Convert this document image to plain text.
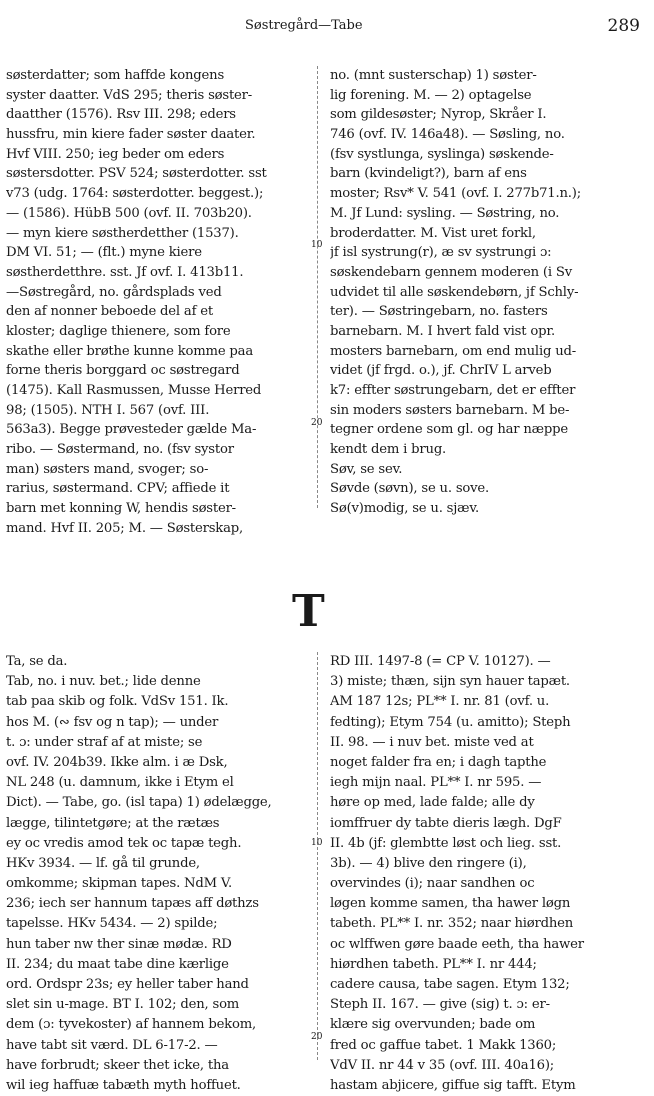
Søstregård—Tabe	289
søsterdatter; som haffde kongens
syster daatter. VdS 295; theris søster-
daatther (1576). Rsv III. 298; eders
hussfru, min kiere fader søster daater.
Hvf VIII. 250; ieg beder om eders
søstersdotter. PSV 524; søsterdotter. sst
v73 (udg. 1764: søsterdotter. beggest.);
— (1586). HübB 500 (ovf. II. 703b20).
— myn kiere søstherdetther (1537).
DM VI. 51; — (flt.) myne kiere
søstherdetthre. sst. Jf ovf. I. 413b11.
—Søstregård, no. gårdsplads ved
den af nonner beboede del af et
kloster; daglige thienere, som fore
skathe eller brøthe kunne komme paa
forne theris borggard oc søstregard
(1475). Kall Rasmussen, Musse Herred
98; (1505). NTH I. 567 (ovf. III.
563a3). Begge prøvesteder gælde Ma-
ribo. — Søstermand, no. (fsv systor
man) søsters mand, svoger; so-
rarius, søstermand. CPV; affiede it
barn met konning W, hendis søster-
mand. Hvf II. 205; M. — Søsterskap,
no. (mnt susterschap) 1) søster-
lig forening. M. — 2) optagelse
som gildesøster; Nyrop, Skråer I.
746 (ovf. IV. 146a48). — Søsling, no.
(fsv systlunga, syslinga) søskende-
barn (kvindeligt?), barn af ens
moster; Rsv* V. 541 (ovf. I. 277b71.n.);
M. Jf Lund: sysling. — Søstring, no.
broderdatter. M. Vist uret forkl,
jf isl systrung(r), æ sv systrungi ɔ:
søskendebarn gennem moderen (i Sv
udvidet til alle søskendebørn, jf Schly-
ter). — Søstringebarn, no. fasters
barnebarn. M. I hvert fald vist opr.
mosters barnebarn, om end mulig ud-
videt (jf frgd. o.), jf. ChrIV L arveb
k7: effter søstrungebarn, det er effter
sin moders søsters barnebarn. M be-
tegner ordene som gl. og har næppe
kendt dem i brug.
Søv, se sev.
Søvde (søvn), se u. sove.
Sø(v)modig, se u. sjæv.
10
20
T
Ta, se da.
Tab, no. i nuv. bet.; lide denne
tab paa skib og folk. VdSv 151. Ik.
hos M. (∾ fsv og n tap); — under
t. ɔ: under straf af at miste; se
ovf. IV. 204b39. Ikke alm. i æ Dsk,
NL 248 (u. damnum, ikke i Etym el
Dict). — Tabe, go. (isl tapa) 1) ødelægge,
lægge, tilintetgøre; at the rætæs
ey oc vredis amod tek oc tapæ tegh.
HKv 3934. — lf. gå til grunde,
omkomme; skipman tapes. NdM V.
236; iech ser hannum tapæs aff døthzs
tapelsse. HKv 5434. — 2) spilde;
hun taber nw ther sinæ mødæ. RD
II. 234; du maat tabe dine kærlige
ord. Ordspr 23s; ey heller taber hand
slet sin u-mage. BT I. 102; den, som
dem (ɔ: tyvekoster) af hannem bekom,
have tabt sit værd. DL 6-17-2. —
have forbrudt; skeer thet icke, tha
wil ieg haffuæ tabæth myth hoffuet.
RD III. 1497-8 (= CP V. 10127). —
3) miste; thæn, sijn syn hauer tapæt.
AM 187 12s; PL** I. nr. 81 (ovf. u.
fedting); Etym 754 (u. amitto); Steph
II. 98. — i nuv bet. miste ved at
noget falder fra en; i dagh tapthe
iegh mijn naal. PL** I. nr 595. —
høre op med, lade falde; alle dy
iomffruer dy tabte dieris lægh. DgF
II. 4b (jf: glembtte løst och lieg. sst.
3b). — 4) blive den ringere (i),
overvindes (i); naar sandhen oc
løgen komme samen, tha hawer løgn
tabeth. PL** I. nr. 352; naar hiørdhen
oc wlffwen gøre baade eeth, tha hawer
hiørdhen tabeth. PL** I. nr 444;
cadere causa, tabe sagen. Etym 132;
Steph II. 167. — give (sig) t. ɔ: er-
klære sig overvunden; bade om
fred oc gaffue tabet. 1 Makk 1360;
VdV II. nr 44 v 35 (ovf. III. 40a16);
hastam abjicere, giffue sig tafft. Etym
10
20
